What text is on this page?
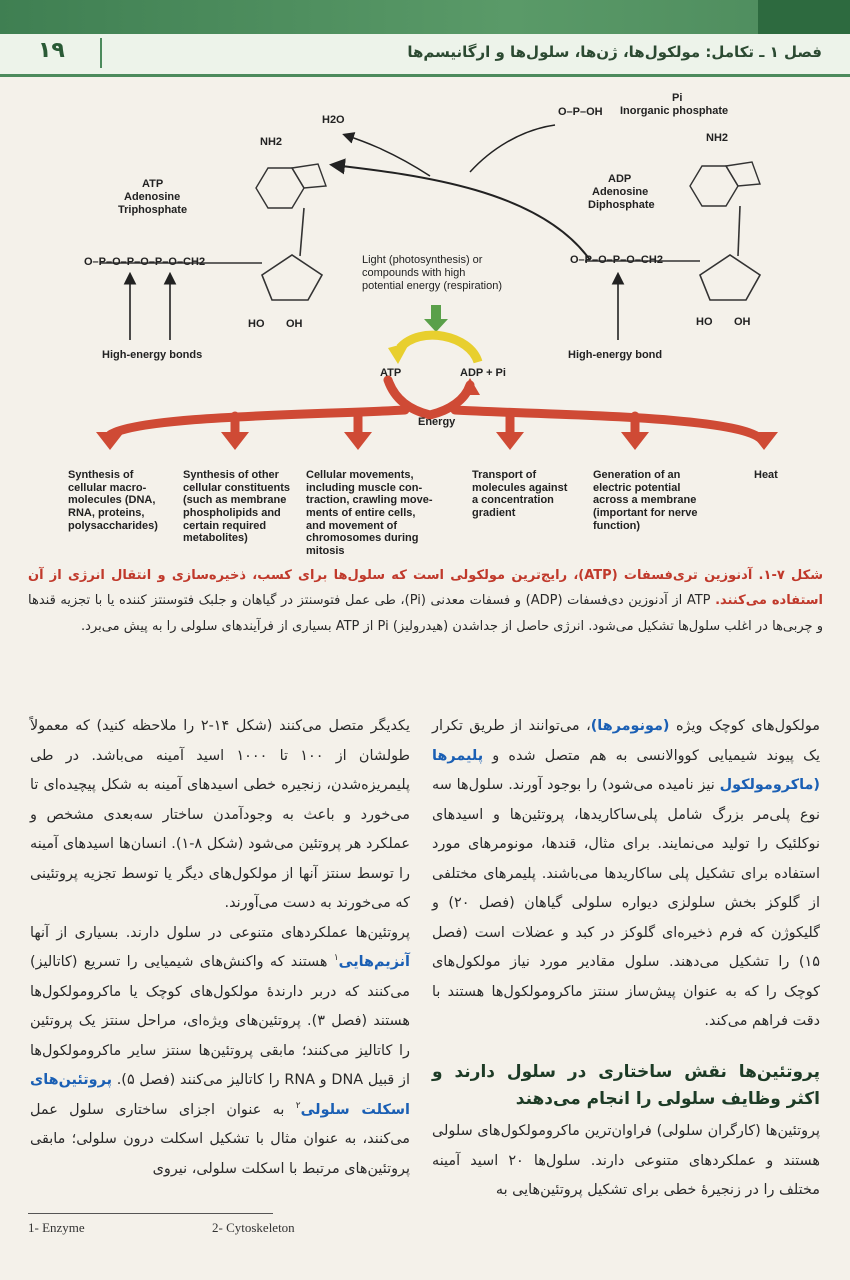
۱۹	فصل ۱ ـ تکامل: مولکول‌ها، ژن‌ها، سلول‌ها و ارگانیسم‌ها
H2O
Pi
Inorganic phosphate
O–P–OH
NH2	NH2
ATP
Adenosine
Triphosphate
ADP
Adenosine
Diphosphate
O–P–O–P–O–P–O–CH2	O–P–O–P–O–CH2
HO OH	HO OH
Light (photosynthesis) or
compounds with high
potential energy (respiration)
High-energy bonds	High-energy bond
ATP	ADP + Pi
Energy
Synthesis of
cellular macro-
molecules (DNA,
RNA, proteins,
polysaccharides)
Synthesis of other
cellular constituents
(such as membrane
phospholipids and
certain required
metabolites)
Cellular movements,
including muscle con-
traction, crawling move-
ments of entire cells,
and movement of
chromosomes during
mitosis
Transport of
molecules against
a concentration
gradient
Generation of an
electric potential
across a membrane
(important for nerve
function)
Heat
شکل ۷-۱. آدنوزین تری‌فسفات (ATP)، رایج‌ترین مولکولی است که سلول‌ها برای کسب، ذخیره‌سازی و انتقال انرژی از آن استفاده می‌کنند. ATP از آدنوزین دی‌فسفات (ADP) و فسفات معدنی (Pi)، طی عمل فتوسنتز در گیاهان و جلبک فتوسنتز کننده یا با تجزیه قندها و چربی‌ها در اغلب سلول‌ها تشکیل می‌شود. انرژی حاصل از جداشدن (هیدرولیز) Pi از ATP بسیاری از فرآیندهای سلولی را به پیش می‌برد.

مولکول‌های کوچک ویژه (مونومرها)، می‌توانند از طریق تکرار یک پیوند شیمیایی کووالانسی به هم متصل شده و پلیمرها (ماکرومولکول نیز نامیده می‌شود) را بوجود آورند. سلول‌ها سه نوع پلی‌مر بزرگ شامل پلی‌ساکاریدها، پروتئین‌ها و اسیدهای نوکلئیک را تولید می‌نمایند. برای مثال، قندها، مونومرهای مورد استفاده برای تشکیل پلی ساکاریدها می‌باشند. پلیمرهای مختلفی از گلوکز بخش سلولزی دیواره سلولی گیاهان (فصل ۲۰) و گلیکوژن که فرم ذخیره‌ای گلوکز در کبد و عضلات است (فصل ۱۵) را تشکیل می‌دهند. سلول مقادیر مورد نیاز مولکول‌های کوچک را که به عنوان پیش‌ساز سنتز ماکرومولکول‌ها هستند با دقت فراهم می‌کند.

پروتئین‌ها نقش ساختاری در سلول دارند و اکثر وظایف سلولی را انجام می‌دهند

پروتئین‌ها (کارگران سلولی) فراوان‌ترین ماکرومولکول‌های سلولی هستند و عملکردهای متنوعی دارند. سلول‌ها ۲۰ اسید آمینه مختلف را در زنجیرهٔ خطی برای تشکیل پروتئین‌هایی به

یکدیگر متصل می‌کنند (شکل ۱۴-۲ را ملاحظه کنید) که معمولاً طولشان از ۱۰۰ تا ۱۰۰۰ اسید آمینه می‌باشد. در طی پلیمریزه‌شدن، زنجیره خطی اسیدهای آمینه به شکل پیچیده‌ای تا می‌خورد و باعث به وجودآمدن ساختار سه‌بعدی مشخص و عملکرد هر پروتئین می‌شود (شکل ۸-۱). انسان‌ها اسیدهای آمینه را توسط سنتز آنها از مولکول‌های دیگر یا توسط تجزیه پروتئینی که می‌خورند به دست می‌آورند.

پروتئین‌ها عملکردهای متنوعی در سلول دارند. بسیاری از آنها آنزیم‌هایی$^۱$ هستند که واکنش‌های شیمیایی را تسریع (کاتالیز) می‌کنند که دربر دارندهٔ مولکول‌های کوچک یا ماکرومولکول‌ها هستند (فصل ۳). پروتئین‌های ویژه‌ای، مراحل سنتز یک پروتئین را کاتالیز می‌کنند؛ مابقی پروتئین‌ها سنتز سایر ماکرومولکول‌ها از قبیل DNA و RNA را کاتالیز می‌کنند (فصل ۵). پروتئین‌های اسکلت سلولی$^۲$ به عنوان اجزای ساختاری سلول عمل می‌کنند، به عنوان مثال با تشکیل اسکلت درون سلولی؛ مابقی پروتئین‌های مرتبط با اسکلت سلولی، نیروی

1- Enzyme	2- Cytoskeleton
